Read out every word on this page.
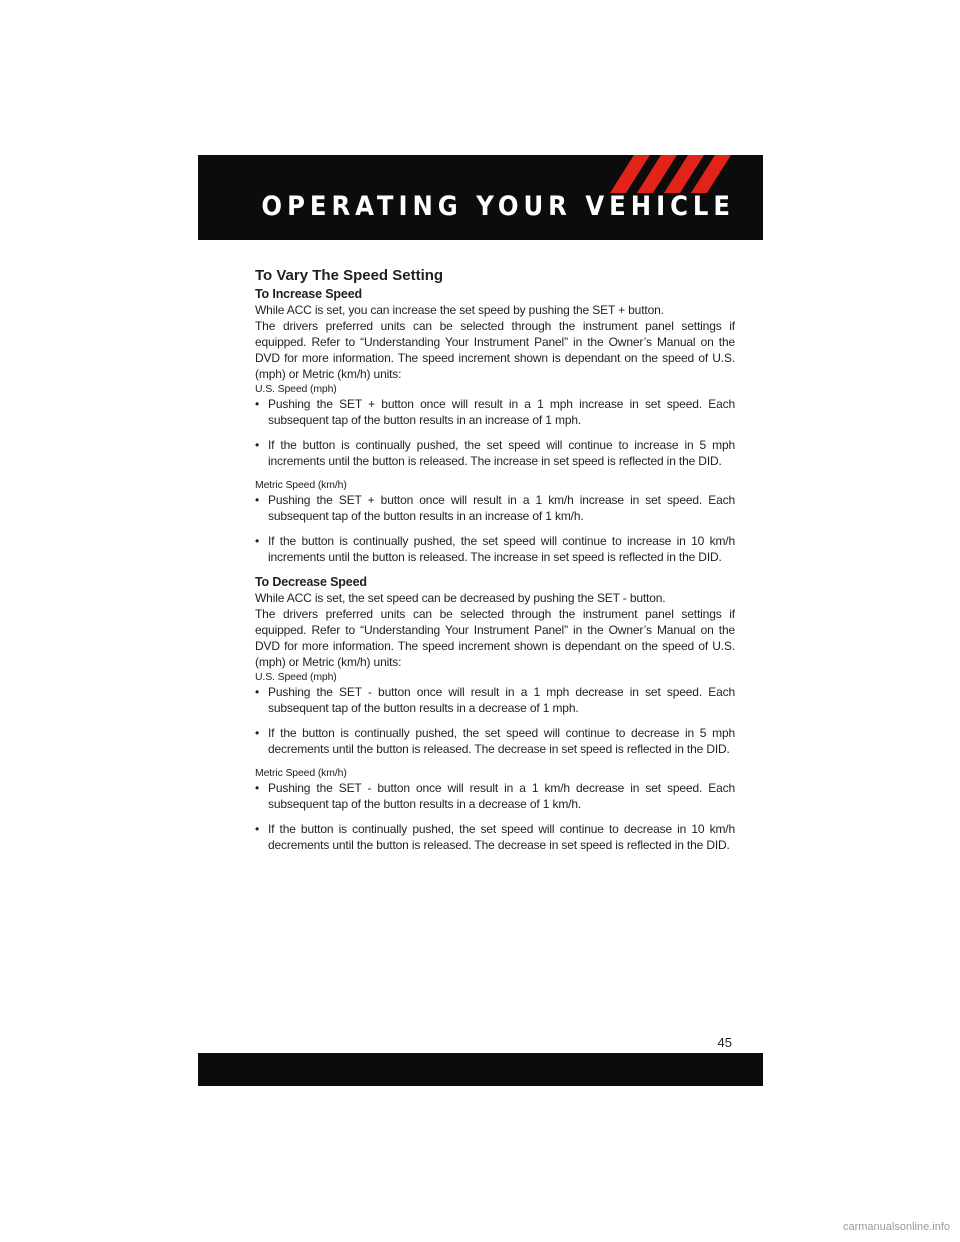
OPERATING YOUR VEHICLE

To Vary The Speed Setting

To Increase Speed

While ACC is set, you can increase the set speed by pushing the SET + button.

The drivers preferred units can be selected through the instrument panel settings if equipped. Refer to “Understanding Your Instrument Panel” in the Owner’s Manual on the DVD for more information. The speed increment shown is dependant on the speed of U.S. (mph) or Metric (km/h) units:

U.S. Speed (mph)

• Pushing the SET + button once will result in a 1 mph increase in set speed. Each subsequent tap of the button results in an increase of 1 mph.
• If the button is continually pushed, the set speed will continue to increase in 5 mph increments until the button is released. The increase in set speed is reflected in the DID.

Metric Speed (km/h)

• Pushing the SET + button once will result in a 1 km/h increase in set speed. Each subsequent tap of the button results in an increase of 1 km/h.
• If the button is continually pushed, the set speed will continue to increase in 10 km/h increments until the button is released. The increase in set speed is reflected in the DID.

To Decrease Speed

While ACC is set, the set speed can be decreased by pushing the SET - button.

The drivers preferred units can be selected through the instrument panel settings if equipped. Refer to “Understanding Your Instrument Panel” in the Owner’s Manual on the DVD for more information. The speed increment shown is dependant on the speed of U.S. (mph) or Metric (km/h) units:

U.S. Speed (mph)

• Pushing the SET - button once will result in a 1 mph decrease in set speed. Each subsequent tap of the button results in a decrease of 1 mph.
• If the button is continually pushed, the set speed will continue to decrease in 5 mph decrements until the button is released. The decrease in set speed is reflected in the DID.

Metric Speed (km/h)

• Pushing the SET - button once will result in a 1 km/h decrease in set speed. Each subsequent tap of the button results in a decrease of 1 km/h.
• If the button is continually pushed, the set speed will continue to decrease in 10 km/h decrements until the button is released. The decrease in set speed is reflected in the DID.
45
carmanualsonline.info
